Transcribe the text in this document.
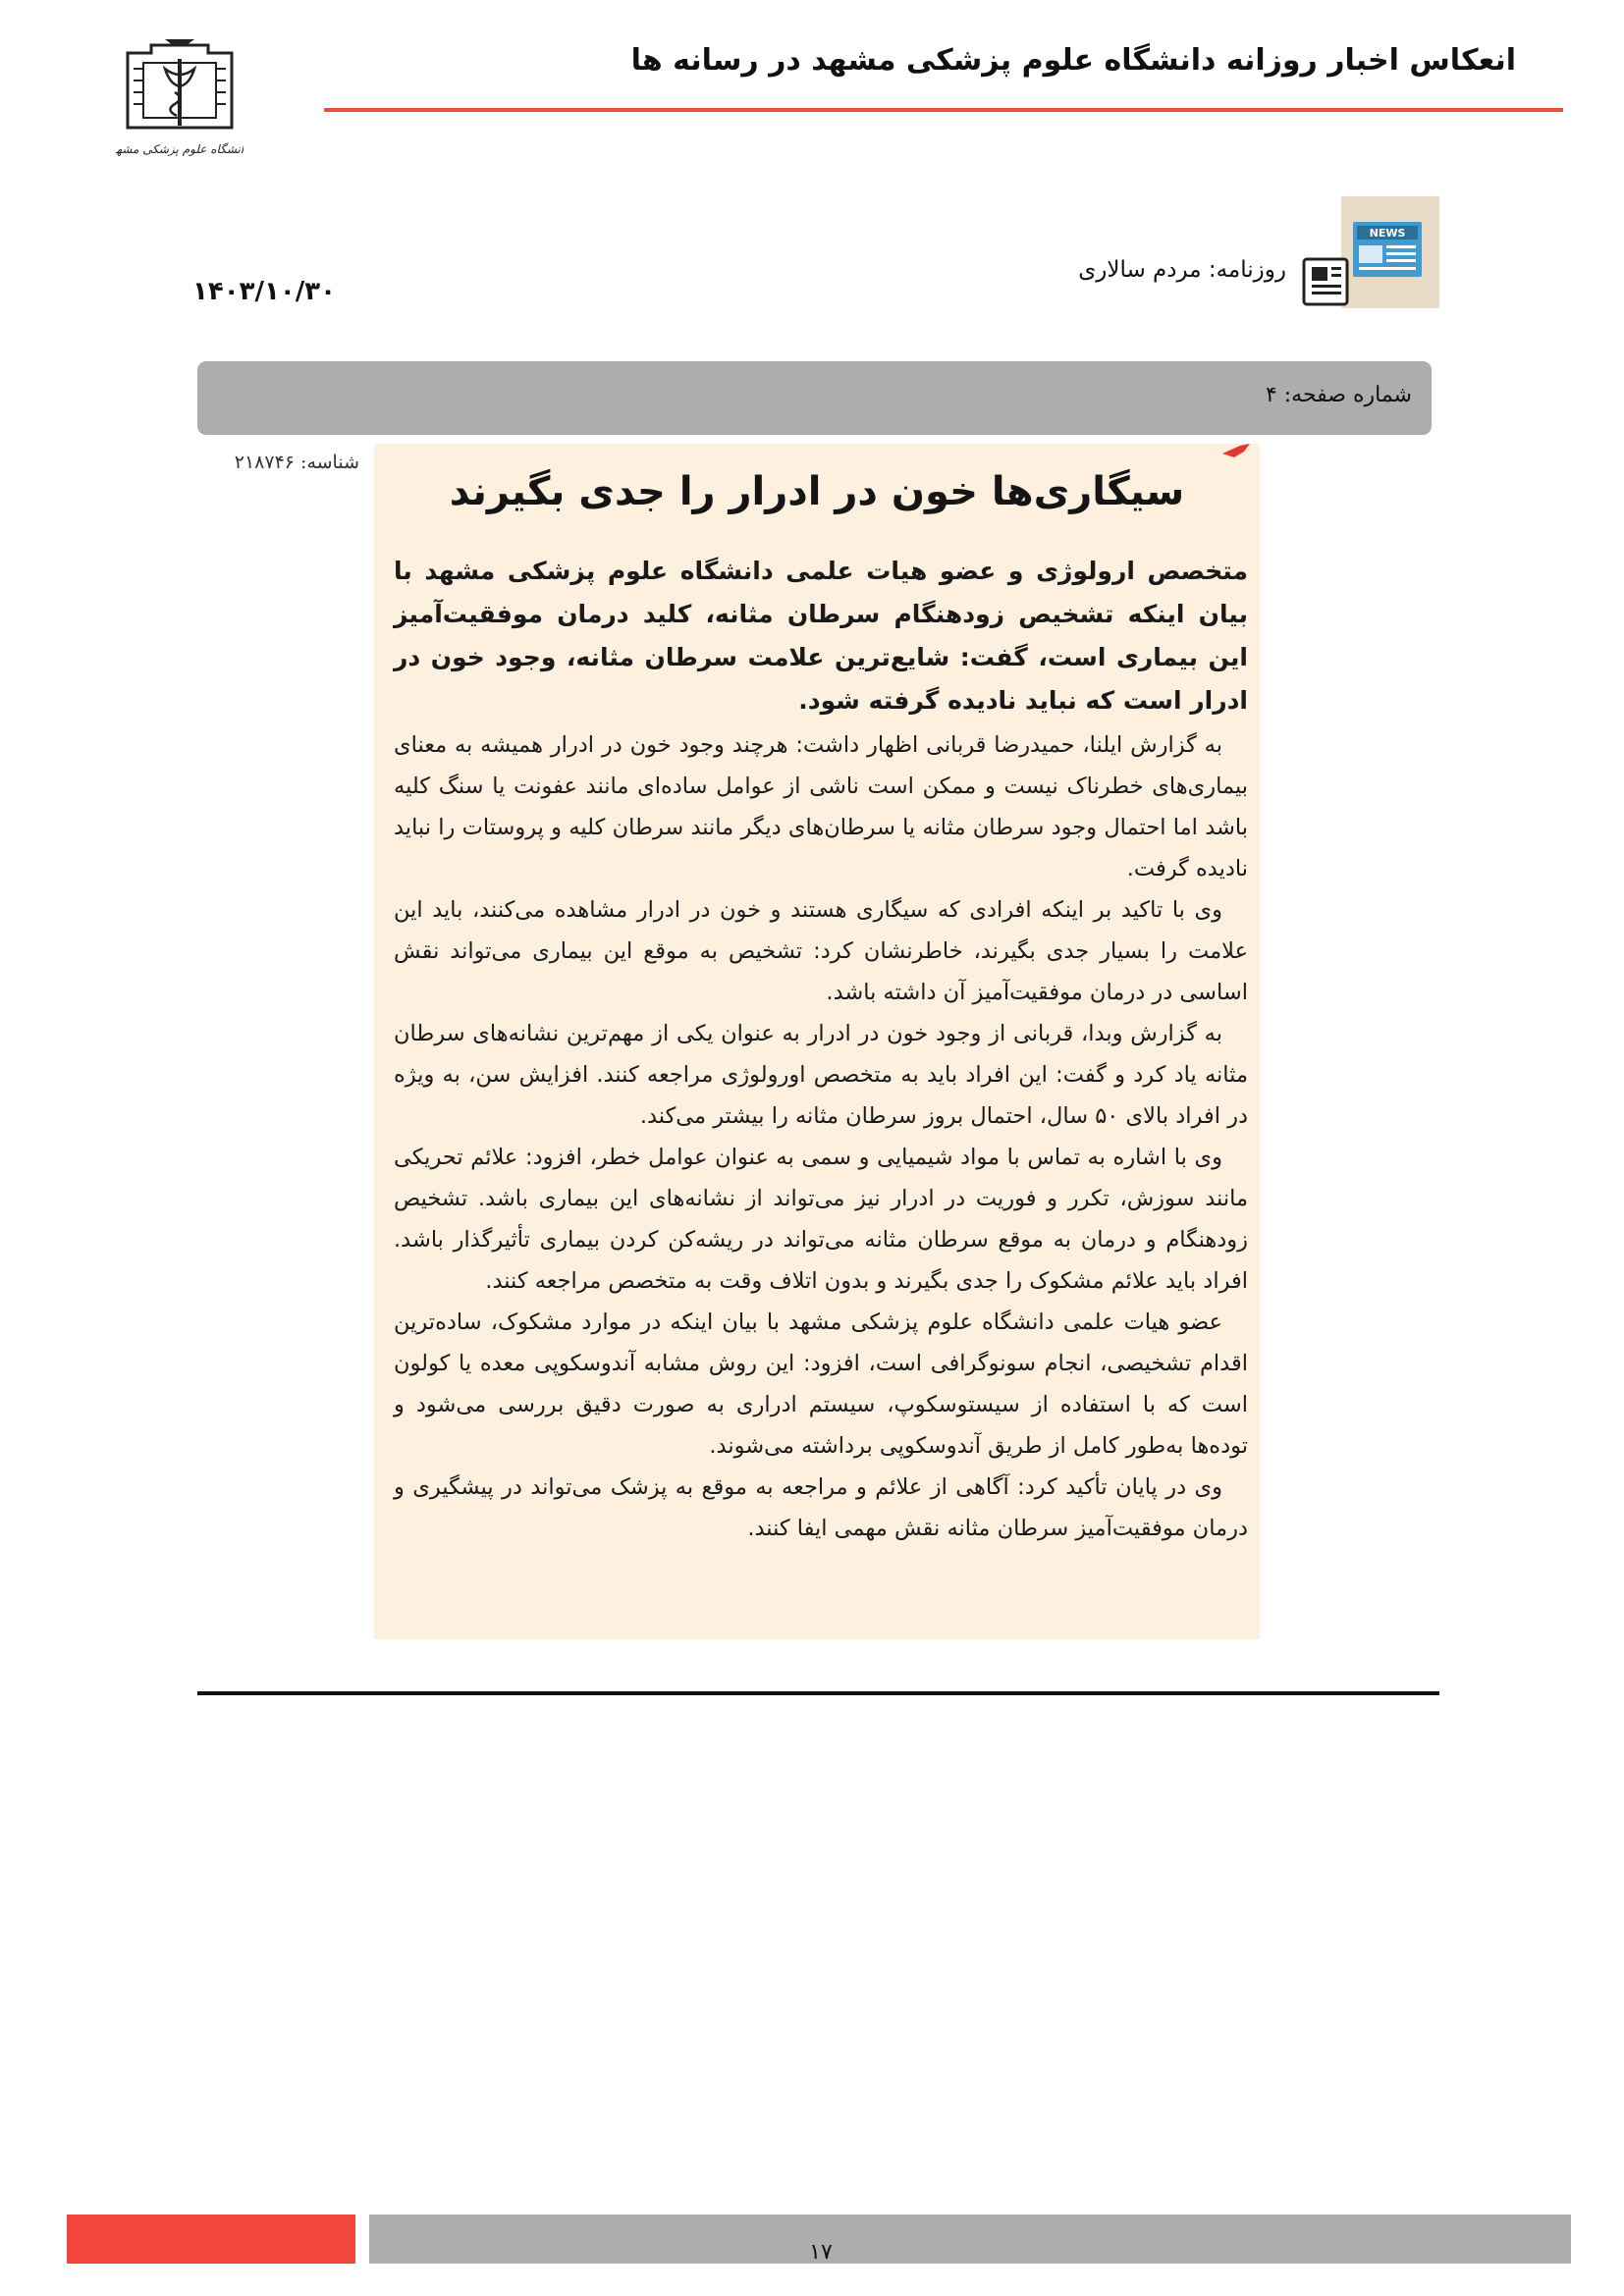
دانشگاه علوم پزشکی مشهد
انعکاس اخبار روزانه دانشگاه علوم پزشکی مشهد در رسانه ها
NEWS
روزنامه: مردم سالاری
۱۴۰۳/۱۰/۳۰
شماره صفحه: ۴
شناسه: ۲۱۸۷۴۶
سیگاری‌ها خون در ادرار را جدی بگیرند
متخصص ارولوژی و عضو هیات علمی دانشگاه علوم پزشکی مشهد با بیان اینکه تشخیص زودهنگام سرطان مثانه، کلید درمان موفقیت‌آمیز این بیماری است، گفت: شایع‌ترین علامت سرطان مثانه، وجود خون در ادرار است که نباید نادیده گرفته شود.

به گزارش ایلنا، حمیدرضا قربانی اظهار داشت: هرچند وجود خون در ادرار همیشه به معنای بیماری‌های خطرناک نیست و ممکن است ناشی از عوامل ساده‌ای مانند عفونت یا سنگ کلیه باشد اما احتمال وجود سرطان مثانه یا سرطان‌های دیگر مانند سرطان کلیه و پروستات را نباید نادیده گرفت.

وی با تاکید بر اینکه افرادی که سیگاری هستند و خون در ادرار مشاهده می‌کنند، باید این علامت را بسیار جدی بگیرند، خاطرنشان کرد: تشخیص به موقع این بیماری می‌تواند نقش اساسی در درمان موفقیت‌آمیز آن داشته باشد.

به گزارش وبدا، قربانی از وجود خون در ادرار به عنوان یکی از مهم‌ترین نشانه‌های سرطان مثانه یاد کرد و گفت: این افراد باید به متخصص اورولوژی مراجعه کنند. افزایش سن، به ویژه در افراد بالای ۵۰ سال، احتمال بروز سرطان مثانه را بیشتر می‌کند.

وی با اشاره به تماس با مواد شیمیایی و سمی به عنوان عوامل خطر، افزود: علائم تحریکی مانند سوزش، تکرر و فوریت در ادرار نیز می‌تواند از نشانه‌های این بیماری باشد. تشخیص زودهنگام و درمان به موقع سرطان مثانه می‌تواند در ریشه‌کن کردن بیماری تأثیرگذار باشد. افراد باید علائم مشکوک را جدی بگیرند و بدون اتلاف وقت به متخصص مراجعه کنند.

عضو هیات علمی دانشگاه علوم پزشکی مشهد با بیان اینکه در موارد مشکوک، ساده‌ترین اقدام تشخیصی، انجام سونوگرافی است، افزود: این روش مشابه آندوسکوپی معده یا کولون است که با استفاده از سیستوسکوپ، سیستم ادراری به صورت دقیق بررسی می‌شود و توده‌ها به‌طور کامل از طریق آندوسکوپی برداشته می‌شوند.

وی در پایان تأکید کرد: آگاهی از علائم و مراجعه به موقع به پزشک می‌تواند در پیشگیری و درمان موفقیت‌آمیز سرطان مثانه نقش مهمی ایفا کنند.

۱۷
